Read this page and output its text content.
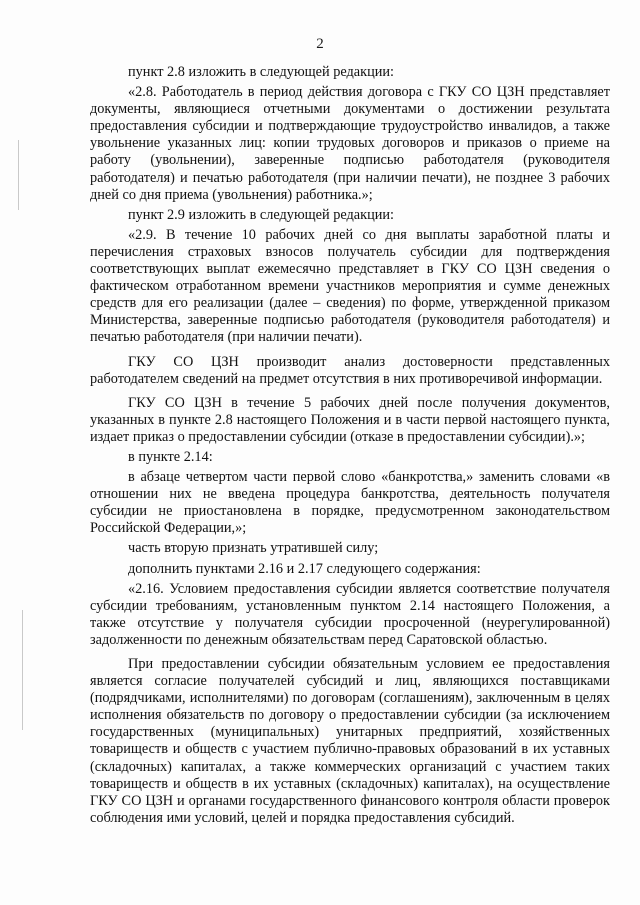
2

пункт 2.8 изложить в следующей редакции:

«2.8. Работодатель в период действия договора с ГКУ СО ЦЗН представляет документы, являющиеся отчетными документами о достижении результата предоставления субсидии и подтверждающие трудоустройство инвалидов, а также увольнение указанных лиц: копии трудовых договоров и приказов о приеме на работу (увольнении), заверенные подписью работодателя (руководителя работодателя) и печатью работодателя (при наличии печати), не позднее 3 рабочих дней со дня приема (увольнения) работника.»;

пункт 2.9 изложить в следующей редакции:

«2.9. В течение 10 рабочих дней со дня выплаты заработной платы и перечисления страховых взносов получатель субсидии для подтверждения соответствующих выплат ежемесячно представляет в ГКУ СО ЦЗН сведения о фактическом отработанном времени участников мероприятия и сумме денежных средств для его реализации (далее – сведения) по форме, утвержденной приказом Министерства, заверенные подписью работодателя (руководителя работодателя) и печатью работодателя (при наличии печати).

ГКУ СО ЦЗН производит анализ достоверности представленных работодателем сведений на предмет отсутствия в них противоречивой информации.

ГКУ СО ЦЗН в течение 5 рабочих дней после получения документов, указанных в пункте 2.8 настоящего Положения и в части первой настоящего пункта, издает приказ о предоставлении субсидии (отказе в предоставлении субсидии).»;

в пункте 2.14:

в абзаце четвертом части первой слово «банкротства,» заменить словами «в отношении них не введена процедура банкротства, деятельность получателя субсидии не приостановлена в порядке, предусмотренном законодательством Российской Федерации,»;

часть вторую признать утратившей силу;

дополнить пунктами 2.16 и 2.17 следующего содержания:

«2.16. Условием предоставления субсидии является соответствие получателя субсидии требованиям, установленным пунктом 2.14 настоящего Положения, а также отсутствие у получателя субсидии просроченной (неурегулированной) задолженности по денежным обязательствам перед Саратовской областью.

При предоставлении субсидии обязательным условием ее предоставления является согласие получателей субсидий и лиц, являющихся поставщиками (подрядчиками, исполнителями) по договорам (соглашениям), заключенным в целях исполнения обязательств по договору о предоставлении субсидии (за исключением государственных (муниципальных) унитарных предприятий, хозяйственных товариществ и обществ с участием публично-правовых образований в их уставных (складочных) капиталах, а также коммерческих организаций с участием таких товариществ и обществ в их уставных (складочных) капиталах), на осуществление ГКУ СО ЦЗН и органами государственного финансового контроля области проверок соблюдения ими условий, целей и порядка предоставления субсидий.
